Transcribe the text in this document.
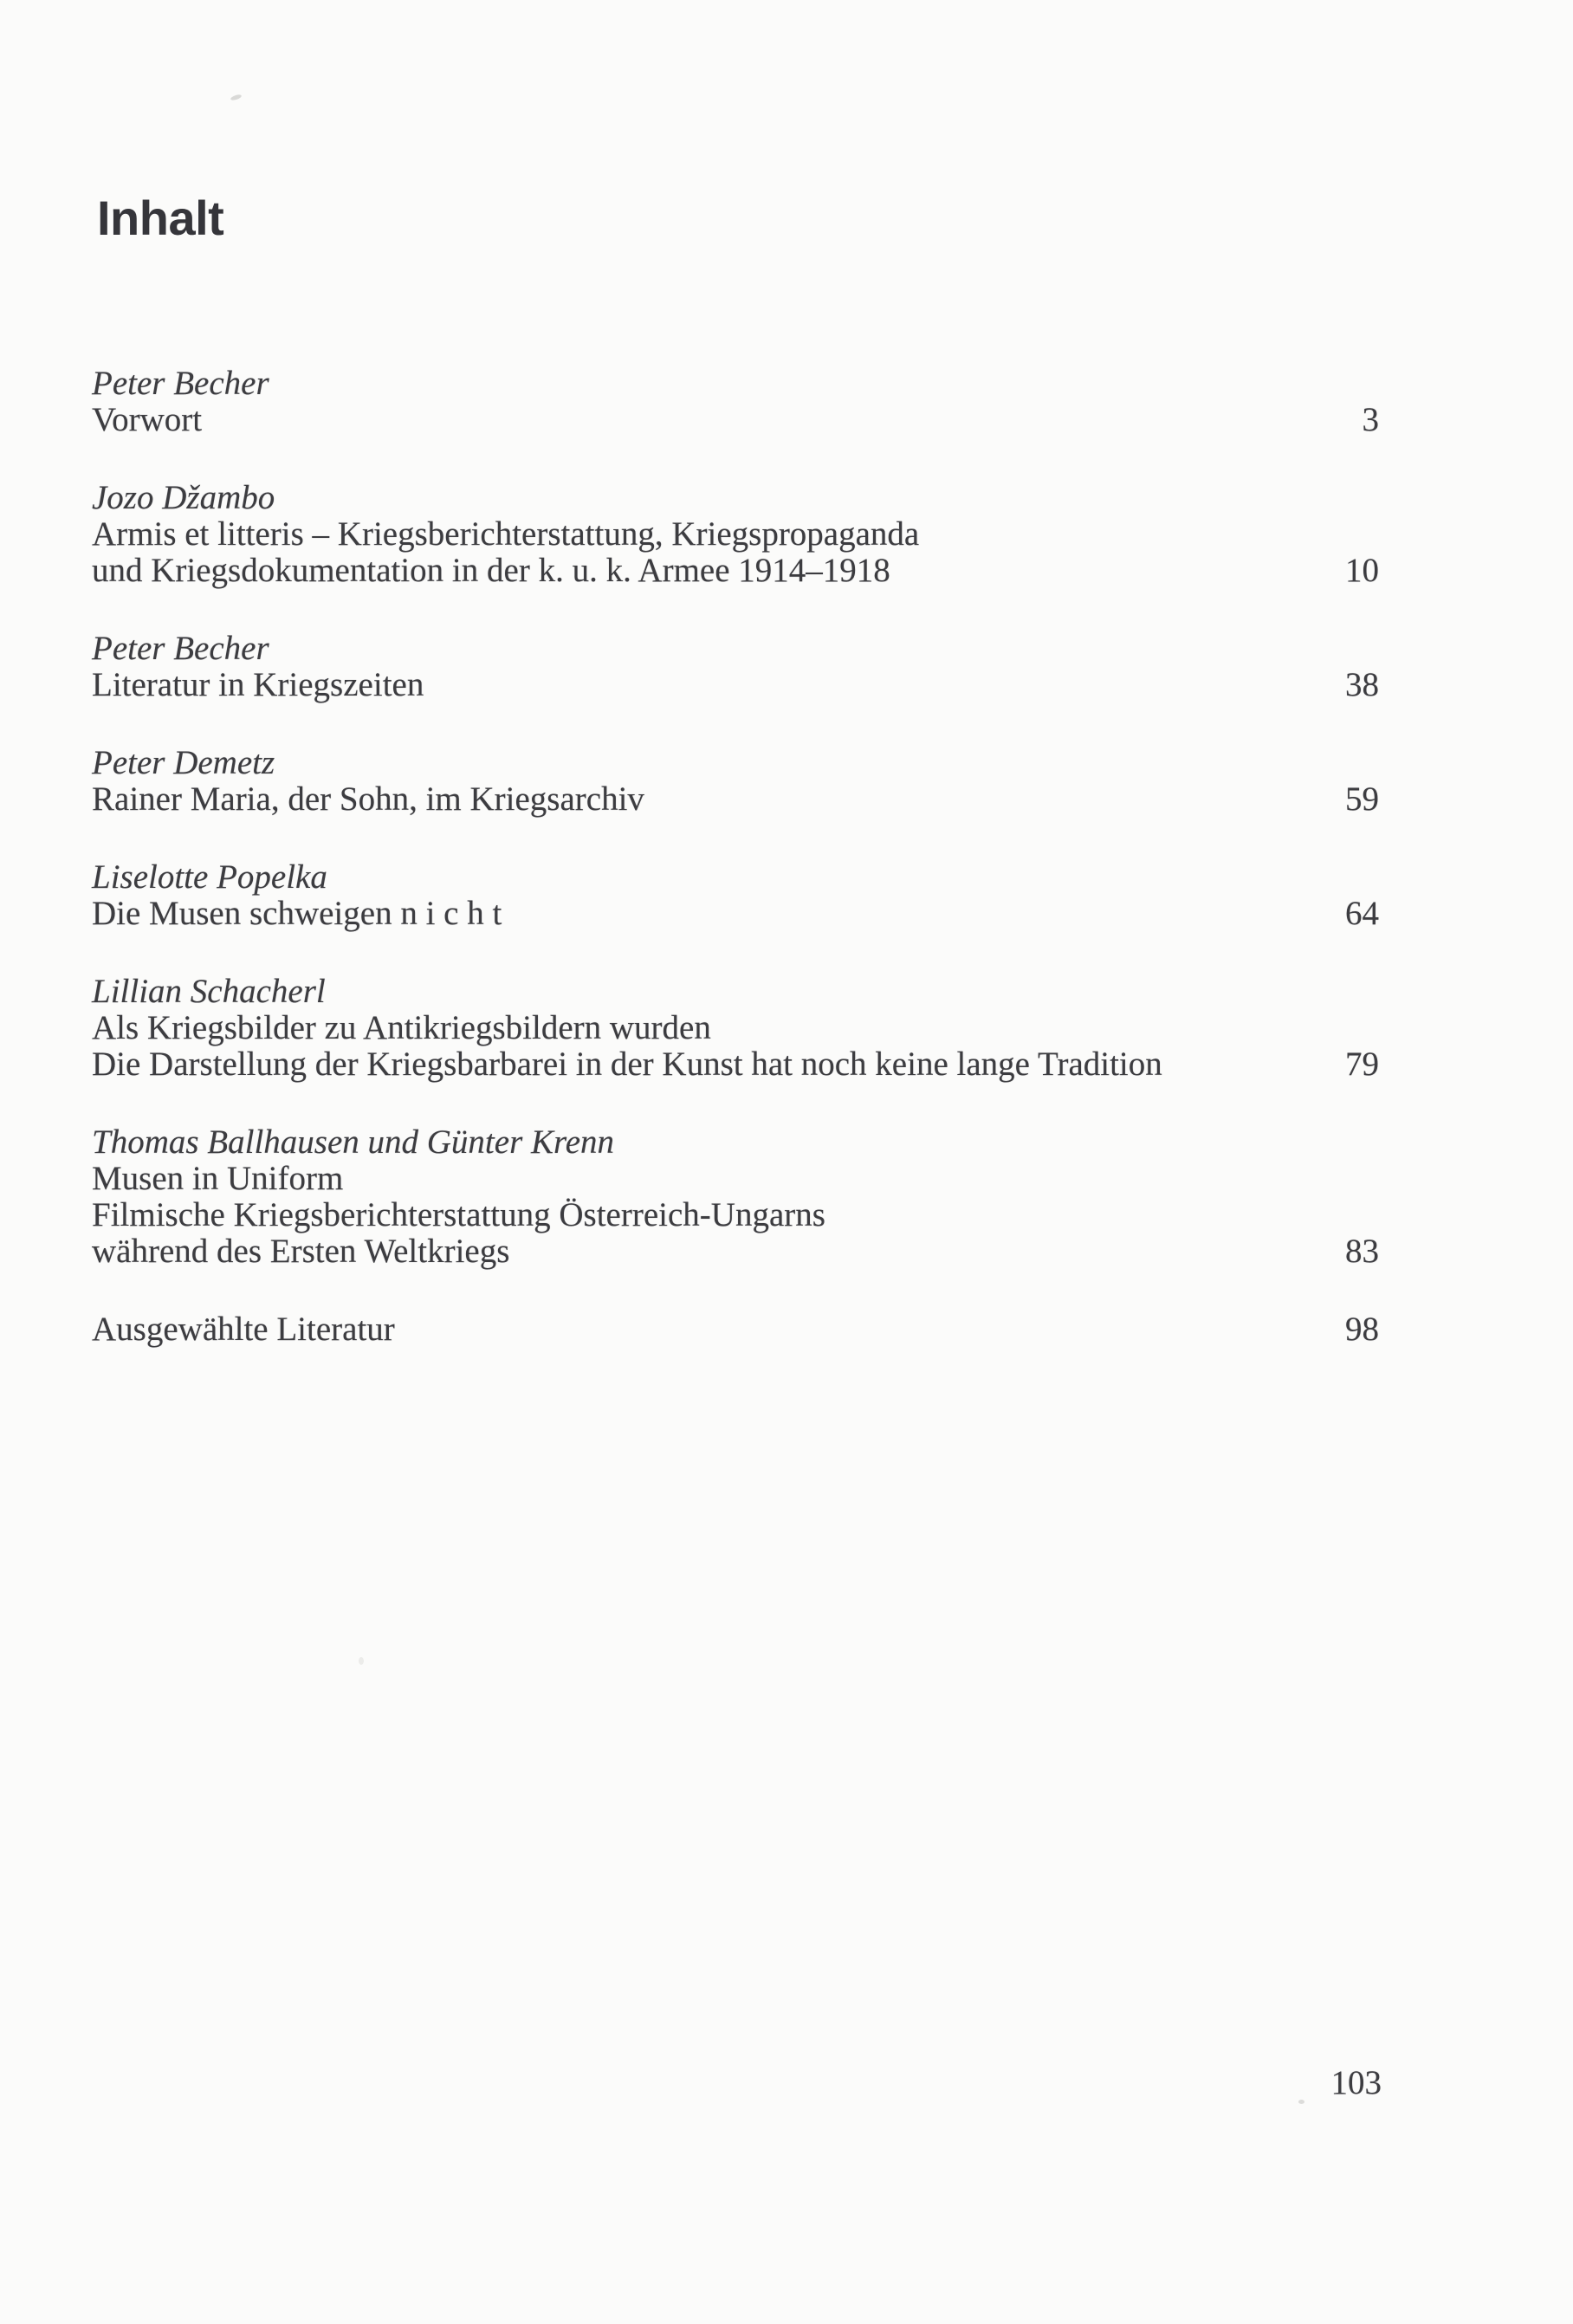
Inhalt
Peter Becher
Vorwort	3
Jozo Džambo
Armis et litteris – Kriegsberichterstattung, Kriegspropaganda
und Kriegsdokumentation in der k. u. k. Armee 1914–1918	10
Peter Becher
Literatur in Kriegszeiten	38
Peter Demetz
Rainer Maria, der Sohn, im Kriegsarchiv	59
Liselotte Popelka
Die Musen schweigen n i c h t	64
Lillian Schacherl
Als Kriegsbilder zu Antikriegsbildern wurden
Die Darstellung der Kriegsbarbarei in der Kunst hat noch keine lange Tradition	79
Thomas Ballhausen und Günter Krenn
Musen in Uniform
Filmische Kriegsberichterstattung Österreich-Ungarns
während des Ersten Weltkriegs	83
Ausgewählte Literatur	98
103
